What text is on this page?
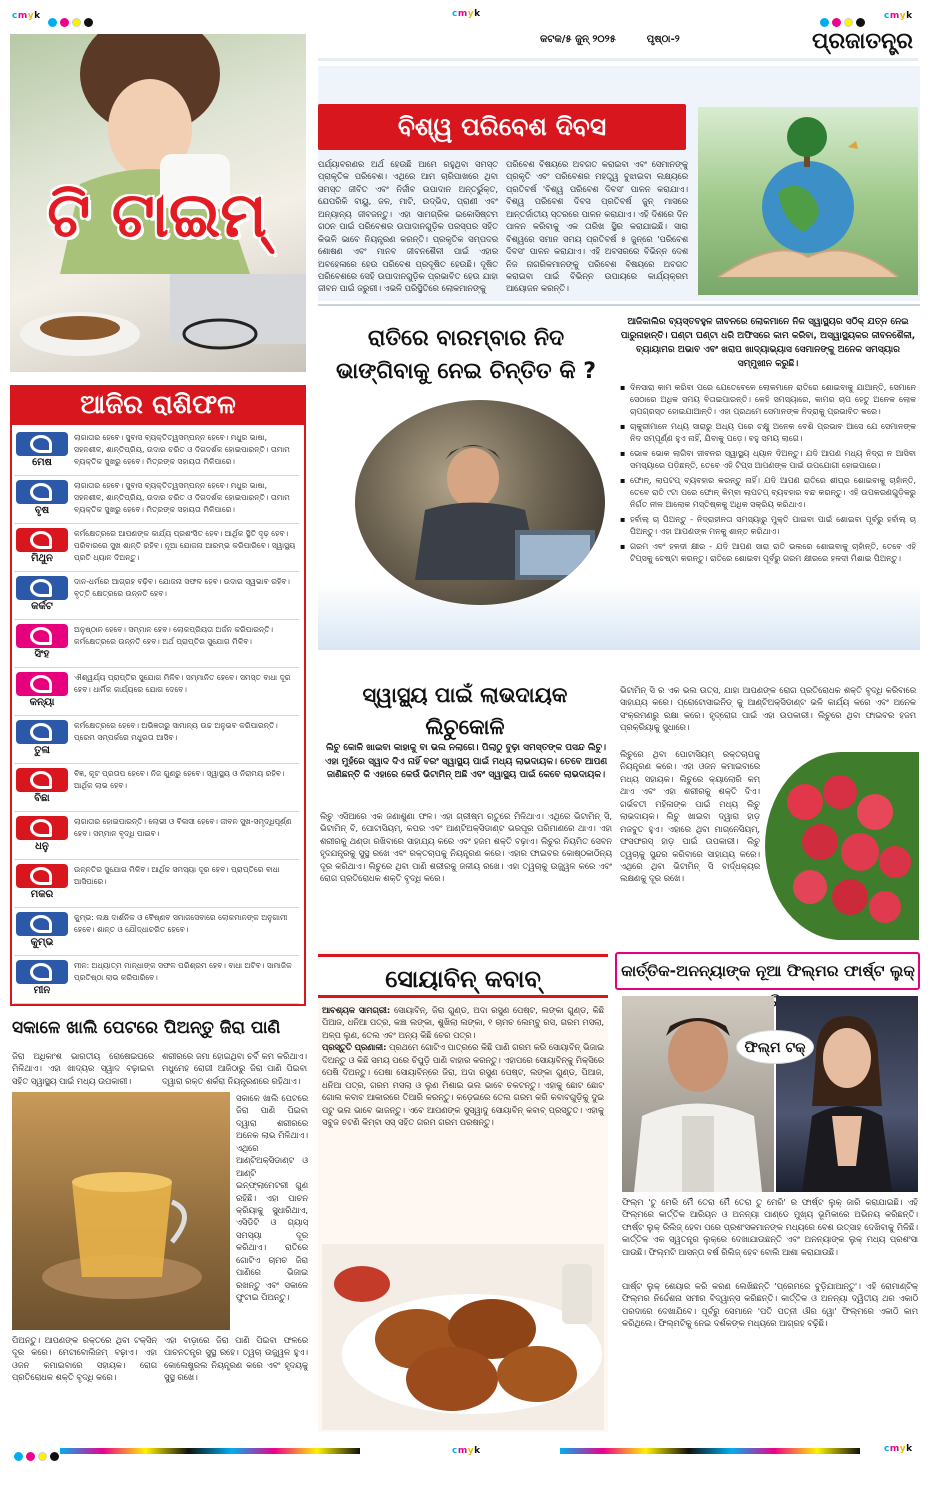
cmyk	cmyk	cmyk
କଟକ/୫ ଜୁନ୍ ୨୦୨୫	ପୃଷ୍ଠା-୨	ପ୍ରଜାତନ୍ତ୍ର
ଟି ଟାଇମ୍
ଆଜିର ରାଶିଫଳ
ମେଷ
ଲାଗାତାର ହେବେ। ସୁବାସ ବ୍ୟକ୍ତିତ୍ୱସମ୍ପନ୍ନ ହେବେ। ମଧୁର ଭାଷା, ସହନଶୀଳ, ଶାନ୍ତିପ୍ରିୟ, ଉଦାର ଚରିତ ଓ ଦିଗଦର୍ଶକ ହୋଇପାରନ୍ତି। ତାମାମ ବ୍ୟକ୍ତିକ ସୁଖରୁ ହେବେ। ମିତ୍ରଙ୍କ ସହାୟତା ମିଳିପାରେ।
ବୃଷ
ଲାଗାତାର ହେବେ। ସୁବାସ ବ୍ୟକ୍ତିତ୍ୱସମ୍ପନ୍ନ ହେବେ। ମଧୁର ଭାଷା, ସହନଶୀଳ, ଶାନ୍ତିପ୍ରିୟ, ଉଦାର ଚରିତ ଓ ଦିଗଦର୍ଶକ ହୋଇପାରନ୍ତି। ତାମାମ ବ୍ୟକ୍ତିକ ସୁଖରୁ ହେବେ। ମିତ୍ରଙ୍କ ସହାୟତା ମିଳିପାରେ।
ମିଥୁନ
କର୍ମକ୍ଷେତ୍ରରେ ଆପଣଙ୍କ କାର୍ଯ୍ୟ ପ୍ରଶଂସିତ ହେବ। ଆର୍ଥିକ ସ୍ଥିତି ଦୃଢ଼ ହେବ। ପରିବାରରେ ସୁଖ ଶାନ୍ତି ରହିବ। ନୂଆ ଯୋଜନା ଆରମ୍ଭ କରିପାରିବେ। ସ୍ୱାସ୍ଥ୍ୟ ପ୍ରତି ଧ୍ୟାନ ଦିଅନ୍ତୁ।
କର୍କଟ
ଦାନ-ଧର୍ମରେ ଆଗ୍ରହ ବଢ଼ିବ। ଯୋଜନା ସଫଳ ହେବ। ଉଦାର ସ୍ୱଭାବ ରହିବ। ବୃତ୍ତି କ୍ଷେତ୍ରରେ ଉନ୍ନତି ହେବ।
ସିଂହ
ଅନୁଷ୍ଠାନ ହେବେ। ସମ୍ମାନ ହେବ। ଲୋକପ୍ରିୟତା ଅର୍ଜନ କରିପାରନ୍ତି। କର୍ମକ୍ଷେତ୍ରରେ ଉନ୍ନତି ହେବ। ଅର୍ଥ ପ୍ରାପ୍ତିର ସୁଯୋଗ ମିଳିବ।
କନ୍ୟା
ଐଶ୍ୱର୍ଯ୍ୟ ପ୍ରାପ୍ତିର ସୁଯୋଗ ମିଳିବ। ସମ୍ମାନିତ ହେବେ। ସମସ୍ତ ବାଧା ଦୂର ହେବ। ଧାର୍ମିକ କାର୍ଯ୍ୟରେ ଯୋଗ ଦେବେ।
ତୁଳା
କର୍ମକ୍ଷେତ୍ରରେ ହେବେ। ଅଭିଜ୍ଞତାରୁ ସାମାନ୍ୟ ଉଚ୍ଚ ଅନୁଭବ କରିପାରନ୍ତି। ପ୍ରେମ ସମ୍ପର୍କରେ ମଧୁରତା ଆସିବ।
ବିଛା
ବିଜ୍ଞ, କୂଟ ପ୍ରତାପ ହେବେ। ନିଜ ଗୁଣରୁ ହେବେ। ସ୍ୱାସ୍ଥ୍ୟ ଓ ନିରାମୟ ରହିବ। ଆର୍ଥିକ ଲାଭ ହେବ।
ଧନୁ
ଲାଗାତାର ହୋଇପାରନ୍ତି। ଲୋଭୀ ଓ ବିଳାସୀ ହେବେ। ଜୀବନ ସୁଖ-ସମୃଦ୍ଧିପୂର୍ଣ୍ଣ ହେବ। ସମ୍ମାନ ବୃଦ୍ଧି ପାଇବ।
ମକର
ଉନ୍ନତିର ସୁଯୋଗ ମିଳିବ। ଆର୍ଥିକ ସମସ୍ୟା ଦୂର ହେବ। ପ୍ରାପ୍ତିରେ ବାଧା ଆସିପାରେ।
କୁମ୍ଭ
କୁମ୍ଭ: ଲକ୍ଷ ଦାର୍ଶନିକ ଓ ବୈଷ୍ଣବ ସମାଜସେବାରେ ଲୋକମାନଙ୍କ ଅନୁଗାମୀ ହେବେ। ଶାନ୍ତ ଓ ଯୌଦ୍ଧାଚରିତ ହେବେ।
ମୀନ
ମୀନ: ଅଧ୍ୟାତ୍ମ ମାନ୍ଧାଙ୍କ ସଫଳ ପରିଶ୍ରମ ହେବ। ବାଧା ଅଟିବ। ସାମାଜିକ ପ୍ରତିଷ୍ଠା ଲାଭ କରିପାରିବେ।
ବିଶ୍ୱ ପରିବେଶ ଦିବସ
ପର୍ଯ୍ୟାବରଣର ଅର୍ଥ ହେଉଛି ଆମେ ରହୁଥିବା ସମସ୍ତ ପ୍ରାକୃତିକ ପରିବେଶ। ଏଥିରେ ଆମ ଚାରିପାଖରେ ଥିବା ସମସ୍ତ ଜୀବିତ ଏବଂ ନିର୍ଜୀବ ଉପାଦାନ ଅନ୍ତର୍ଭୁକ୍ତ, ଯେପରିକି ବାୟୁ, ଜଳ, ମାଟି, ଉଦ୍ଭିଦ, ପ୍ରାଣୀ ଏବଂ ଅନ୍ୟାନ୍ୟ ଜୀବଜନ୍ତୁ। ଏହା ସାମଗ୍ରିକ ଇକୋସିଷ୍ଟମ ଗଠନ ପାଇଁ ପରିବେଶର ଉପାଦାନଗୁଡ଼ିକ ପରସ୍ପର ସହିତ କିଭଳି ଭାବେ ନିୟନ୍ତ୍ରଣ କରନ୍ତି। ପ୍ରକୃତିକ ସମ୍ପଦର ଶୋଷଣ ଏବଂ ମାନବ ଜୀବନଶୈଳୀ ପାଇଁ ଏହାର ଅବହେଳାରେ ହେଉ ପରିବେଶ ପ୍ରଦୂଷିତ ହେଉଛି। ଦୂଷିତ ପରିବେଶରେ ସେହି ଉପାଦାନଗୁଡ଼ିକ ପ୍ରଭାବିତ ହେଉ ଯାହା ଜୀବନ ପାଇଁ ଜରୁରୀ। ଏଭଳି ପରିସ୍ଥିତିରେ ଲୋକମାନଙ୍କୁ
ପରିବେଶ ବିଷୟରେ ଅବଗତ କରାଇବା ଏବଂ ସେମାନଙ୍କୁ ପ୍ରକୃତି ଏବଂ ପରିବେଶର ମହତ୍ତ୍ୱ ବୁଝାଇବା ଲକ୍ଷ୍ୟରେ ପ୍ରତିବର୍ଷ 'ବିଶ୍ୱ ପରିବେଶ ଦିବସ' ପାଳନ କରାଯାଏ। ବିଶ୍ୱ ପରିବେଶ ଦିବସ ପ୍ରତିବର୍ଷ ଜୁନ୍ ମାସରେ ଆନ୍ତର୍ଜାତୀୟ ସ୍ତରରେ ପାଳନ କରାଯାଏ। ଏହି ଦିଶରେ ଦିନ ପାଳନ କରିବାକୁ ଏକ ତାରିଖ ସ୍ଥିର କରାଯାଇଛି। ସାରା ବିଶ୍ୱରେ ସମାନ ସମୟ ପ୍ରତିବର୍ଷ ୫ ଜୁନ୍‌ରେ 'ପରିବେଶ ଦିବସ' ପାଳନ କରାଯାଏ। ଏହି ଅବସରରେ ବିଭିନ୍ନ ଦେଶ ନିଜ ନାଗରିକମାନଙ୍କୁ ପରିବେଶ ବିଷୟରେ ଅବଗତ କରାଇବା ପାଇଁ ବିଭିନ୍ନ ଉପାୟରେ କାର୍ଯ୍ୟକ୍ରମ ଆୟୋଜନ କରନ୍ତି।
ରାତିରେ ବାରମ୍ବାର ନିଦ
ଭାଙ୍ଗିବାକୁ ନେଇ ଚିନ୍ତିତ କି ?
ଆଜିକାଲିର ବ୍ୟସ୍ତବହୁଳ ଜୀବନରେ ଲୋକମାନେ ନିଜ ସ୍ୱାସ୍ଥ୍ୟର ସଠିକ୍ ଯତ୍ନ ନେଇ ପାରୁନାହାନ୍ତି। ଘଣ୍ଟା ଘଣ୍ଟା ଧରି ଅଫିସରେ କାମ କରିବା, ଅସ୍ୱାସ୍ଥ୍ୟକର ଜୀବନଶୈଳୀ, ବ୍ୟାୟାମର ଅଭାବ ଏବଂ ଖରାପ ଖାଦ୍ୟାଭ୍ୟାସ ସେମାନଙ୍କୁ ଅନେକ ସମସ୍ୟାର ସମ୍ମୁଖୀନ କରୁଛି।
▪ ଦିନସାରା କାମ କରିବା ପରେ ଯେତେବେଳେ ଲୋକମାନେ ରାତିରେ ଶୋଇବାକୁ ଯାଆନ୍ତି, ସେମାନେ ସେଠାରେ ଅଧିକ ସମୟ ବିତାଇପାରନ୍ତି। କେହି ସମସ୍ୟାରେ, କାମର ଚାପ ହେତୁ ଅନେକ ଲୋକ ଚାପଗ୍ରସ୍ତ ହୋଇଯାଆନ୍ତି। ଏହା ପ୍ରଥମେ ସେମାନଙ୍କ ନିଦ୍ରାକୁ ପ୍ରଭାବିତ କରେ।
▪ ଚାକୁରୀମାନେ ମଧ୍ୟ ସାରାରୁ ଅଧ୍ୟ ପରେ ଚକ୍ଷୁ ଅନେକ ବେଶି ପ୍ରଭାବ ଆସେ ଯେ ସେମାନଙ୍କ ନିଦ ସମ୍ପୂର୍ଣ୍ଣ ହୁଏ ନାହିଁ, ଯିବାକୁ ପଡ଼େ। ବହୁ ସମୟ ଲାଗେ।
▪ ଭୋକ ଭୋକ ଲାଗିବା ଜୀବନର ସ୍ୱାସ୍ଥ୍ୟ ଧ୍ୟାନ ଦିଅନ୍ତୁ। ଯଦି ଆପଣ ମଧ୍ୟ ନିଦ୍ରା ନ ଆସିବା ସମସ୍ୟାରେ ପଡ଼ିଛନ୍ତି, ତେବେ ଏହି ଟିପ୍ସ ଆପଣଙ୍କ ପାଇଁ ଉପଯୋଗୀ ହୋଇପାରେ।
▪ ଫୋନ୍, ଲାପଟପ୍ ବ୍ୟବହାର କରନ୍ତୁ ନାହିଁ। ଯଦି ଆପଣ ରାତିରେ ଶୀଘ୍ର ଶୋଇବାକୁ ଚାହାଁନ୍ତି, ତେବେ ରାତି ୯ଟା ପରେ ଫୋନ୍ କିମ୍ବା ଲାପଟପ୍ ବ୍ୟବହାର ବନ୍ଦ କରନ୍ତୁ। ଏହି ଉପକରଣଗୁଡ଼ିକରୁ ନିର୍ଗତ ନୀଳ ଆଲୋକ ମସ୍ତିଷ୍କକୁ ଅଧିକ ସକ୍ରିୟ କରିଥାଏ।
▪ ହର୍ବାଲ୍ ଚା ପିଅନ୍ତୁ - ନିଦ୍ରାହୀନତା ସମସ୍ୟାରୁ ମୁକ୍ତି ପାଇବା ପାଇଁ ଶୋଇବା ପୂର୍ବରୁ ହର୍ବାଲ୍ ଚା ପିଅନ୍ତୁ। ଏହା ଆପଣଙ୍କ ମନକୁ ଶାନ୍ତ କରିଥାଏ।
▪ ଗରମ ଏବଂ ହଳଦୀ କ୍ଷୀର - ଯଦି ଆପଣ ସାରା ରାତି ଭଲରେ ଶୋଇବାକୁ ଚାହାଁନ୍ତି, ତେବେ ଏହି ଟିପ୍ସକୁ ଚେଷ୍ଟା କରନ୍ତୁ। ରାତିରେ ଶୋଇବା ପୂର୍ବରୁ ଗରମ କ୍ଷୀରରେ ହଳଦୀ ମିଶାଇ ପିଅନ୍ତୁ।
ସ୍ୱାସ୍ଥ୍ୟ ପାଇଁ ଲାଭଦାୟକ
ଲିଚୁକୋଳି
ଲିଚୁ କୋଳି ଖାଇବା କାହାକୁ ବା ଭଲ ନଲାଗେ। ପିଲାଠୁ ବୁଢ଼ା ସମସ୍ତଙ୍କ ପସନ୍ଦ ଲିଚୁ। ଏହା ମୁହଁରେ ସ୍ୱାଦ ଦିଏ ନାହିଁ ବରଂ ସ୍ୱାସ୍ଥ୍ୟ ପାଇଁ ମଧ୍ୟ ଲାଭଦାୟକ। ତେବେ ଆପଣ ଜାଣିଛନ୍ତି କି ଏହାରେ କେଉଁ ଭିଟାମିନ୍ ଅଛି ଏବଂ ସ୍ୱାସ୍ଥ୍ୟ ପାଇଁ କେବେ ଲାଭଦାୟକ।
ଲିଚୁ ଏସିଆରେ ଏକ ଜଣାଶୁଣା ଫଳ। ଏହା ଗ୍ରୀଷ୍ମ ଋତୁରେ ମିଳିଥାଏ। ଏଥିରେ ଭିଟାମିନ୍ ସି, ଭିଟାମିନ୍ ବି, ପୋଟାସିୟମ୍, କପର ଏବଂ ଆଣ୍ଟିଅକ୍ସିଡାଣ୍ଟ ଭରପୂର ପରିମାଣରେ ଥାଏ। ଏହା ଶରୀରକୁ ଥଣ୍ଡା ରଖିବାରେ ସାହାଯ୍ୟ କରେ ଏବଂ ହଜମ ଶକ୍ତି ବଢ଼ାଏ। ଲିଚୁର ନିୟମିତ ସେବନ ହୃଦଯନ୍ତ୍ରକୁ ସୁସ୍ଥ ରଖେ ଏବଂ ରକ୍ତଚାପକୁ ନିୟନ୍ତ୍ରଣ କରେ। ଏହାର ଫାଇବର କୋଷ୍ଠକାଠିନ୍ୟ ଦୂର କରିଥାଏ। ଲିଚୁରେ ଥିବା ପାଣି ଶରୀରକୁ ଜଳୀୟ ରଖେ। ଏହା ତ୍ୱଚାକୁ ଉଜ୍ଜ୍ୱଳ କରେ ଏବଂ ରୋଗ ପ୍ରତିରୋଧକ ଶକ୍ତି ବୃଦ୍ଧି କରେ।
ଭିଟାମିନ୍ ସି ର ଏକ ଭଲ ଉତ୍ସ, ଯାହା ଆପଣଙ୍କ ରୋଗ ପ୍ରତିରୋଧକ ଶକ୍ତି ବୃଦ୍ଧି କରିବାରେ ସାହାଯ୍ୟ କରେ। ପ୍ରୋଟୋସାଇନିଡ୍ କୁ ଆଣ୍ଟିଅକ୍ସିଡାଣ୍ଟ ଭଳି କାର୍ଯ୍ୟ କରେ ଏବଂ ଅନେକ ସଂକ୍ରମଣରୁ ରକ୍ଷା କରେ। ହୃଦ୍‌ରୋଗ ପାଇଁ ଏହା ଉପକାରୀ। ଲିଚୁରେ ଥିବା ଫାଇବର ହଜମ ପ୍ରକ୍ରିୟାକୁ ସୁଧାରେ।
ଲିଚୁରେ ଥିବା ପୋଟାସିୟମ୍ ରକ୍ତଚାପକୁ ନିୟନ୍ତ୍ରଣ କରେ। ଏହା ଓଜନ କମାଇବାରେ ମଧ୍ୟ ସହାୟକ। ଲିଚୁରେ କ୍ୟାଲୋରି କମ୍ ଥାଏ ଏବଂ ଏହା ଶରୀରକୁ ଶକ୍ତି ଦିଏ। ଗର୍ଭବତୀ ମହିଳାଙ୍କ ପାଇଁ ମଧ୍ୟ ଲିଚୁ ଲାଭଦାୟକ। ଲିଚୁ ଖାଇବା ଦ୍ୱାରା ହାଡ଼ ମଜବୁତ ହୁଏ। ଏହାରେ ଥିବା ମାଗ୍ନେସିୟମ୍, ଫସଫରସ୍ ହାଡ଼ ପାଇଁ ଉପକାରୀ। ଲିଚୁ ତ୍ୱଚାକୁ ସୁନ୍ଦର କରିବାରେ ସାହାଯ୍ୟ କରେ। ଏଥିରେ ଥିବା ଭିଟାମିନ୍ ସି ବାର୍ଦ୍ଧକ୍ୟର ଲକ୍ଷଣକୁ ଦୂର ରଖେ।
ସକାଳେ ଖାଲି ପେଟରେ ପିଅନ୍ତୁ ଜିରା ପାଣି
ଜିରା ଅଧିକାଂଶ ଭାରତୀୟ ରୋଷେଇଘରେ ମିଳିଥାଏ। ଏହା ଖାଦ୍ୟର ସ୍ୱାଦ ବଢ଼ାଇବା ସହିତ ସ୍ୱାସ୍ଥ୍ୟ ପାଇଁ ମଧ୍ୟ ଉପକାରୀ।
ଶରୀରରେ ଜମା ହୋଇଥିବା ଚର୍ବି କମ କରିଥାଏ। ମଧୁମେହ ରୋଗୀ ଆଜିଠାରୁ ଜିରା ପାଣି ପିଇବା ଦ୍ୱାରା ରକ୍ତ ଶର୍କରା ନିୟନ୍ତ୍ରଣରେ ରହିଥାଏ।
ସକାଳେ ଖାଲି ପେଟରେ ଜିରା ପାଣି ପିଇବା ଦ୍ୱାରା ଶରୀରରେ ଅନେକ ଲାଭ ମିଳିଥାଏ। ଏଥିରେ ଆଣ୍ଟିଅକ୍ସିଡାଣ୍ଟ ଓ ଆଣ୍ଟି ଇନ୍‌ଫ୍ଲାମେଟରୀ ଗୁଣ ରହିଛି। ଏହା ପାଚନ କ୍ରିୟାକୁ ସୁଧାରିଥାଏ, ଏସିଡିଟି ଓ ଗ୍ୟାସ୍ ସମସ୍ୟା ଦୂର କରିଥାଏ। ରାତିରେ ଗୋଟିଏ ଚାମଚ ଜିରା ପାଣିରେ ଭିଜାଇ ରଖନ୍ତୁ ଏବଂ ସକାଳେ ଫୁଟାଇ ପିଅନ୍ତୁ।
ପିଅନ୍ତୁ। ଆପଣଙ୍କ ରକ୍ତରେ ଥିବା ଟକ୍ସିନ୍ ଦୂର କରେ। ମେଟାବୋଲିଜମ୍ ବଢ଼ାଏ। ଏହା ଓଜନ କମାଇବାରେ ସହାୟକ। ରୋଗ ପ୍ରତିରୋଧକ ଶକ୍ତି ବୃଦ୍ଧି କରେ।
ଏହା ବାଡ଼ାରେ ଜିରା ପାଣି ପିଇବା ଫଳରେ ପାଚନତନ୍ତ୍ର ସୁସ୍ଥ ରହେ। ତ୍ୱଚା ଉଜ୍ଜ୍ୱଳ ହୁଏ। କୋଲେଷ୍ଟ୍ରଲ ନିୟନ୍ତ୍ରଣ କରେ ଏବଂ ହୃଦୟକୁ ସୁସ୍ଥ ରଖେ।
ସୋୟାବିନ୍ କବାବ୍
ଆବଶ୍ୟକ ସାମଗ୍ରୀ: ସୋୟାବିନ୍, ଜିରା ଗୁଣ୍ଡ, ଅଦା ରସୁଣ ପେଷ୍ଟ, ଲଙ୍କା ଗୁଣ୍ଡ, କିଛି ପିଆଜ, ଧନିଆ ପତ୍ର, କଞ୍ଚା ଲଙ୍କା, ଶୁଖିଲା ଲଙ୍କା, ୧ ଚାମଚ ଲେମ୍ବୁ ରସ, ଗରମ ମସଲା, ଅଳ୍ପ ଲୁଣ, ତେଲ ଏବଂ ଅନ୍ୟ କିଛି ଚେର ପତ୍ର।
ପ୍ରସ୍ତୁତି ପ୍ରଣାଳୀ: ପ୍ରଥମେ ଗୋଟିଏ ପାତ୍ରରେ କିଛି ପାଣି ଗରମ କରି ସୋୟାବିନ୍ ଭିଜାଇ ଦିଅନ୍ତୁ ଓ କିଛି ସମୟ ପରେ ଚିପୁଡ଼ି ପାଣି ବାହାର କରନ୍ତୁ। ଏହାପରେ ସୋୟାବିନ୍‌କୁ ମିକ୍ସିରେ ପେଷି ଦିଅନ୍ତୁ। ପେଷା ସୋୟାବିନ୍‌ରେ ଜିରା, ଅଦା ରସୁଣ ପେଷ୍ଟ, ଲଙ୍କା ଗୁଣ୍ଡ, ପିଆଜ, ଧନିଆ ପତ୍ର, ଗରମ ମସଲା ଓ ଲୁଣ ମିଶାଇ ଭଲ ଭାବେ ଚକଟନ୍ତୁ। ଏହାକୁ ଛୋଟ ଛୋଟ ଗୋଲ କବାବ ଆକାରରେ ତିଆରି କରନ୍ତୁ। କଡ଼େଇରେ ତେଲ ଗରମ କରି କବାବଗୁଡ଼ିକୁ ଦୁଇ ପଟୁ ଭଲ ଭାବେ ଭାଜନ୍ତୁ। ଏବେ ଆପଣଙ୍କ ସୁସ୍ୱାଦୁ ସୋୟାବିନ୍ କବାବ୍ ପ୍ରସ୍ତୁତ। ଏହାକୁ ସବୁଜ ଚଟଣି କିମ୍ବା ସସ୍ ସହିତ ଗରମ ଗରମ ପରଷନ୍ତୁ।
କାର୍ତ୍ତିକ-ଅନନ୍ୟାଙ୍କ ନୂଆ ଫିଲ୍ମର ଫାର୍ଷ୍ଟ ଲୁକ୍
ଫିଲ୍ମ ଟକ୍
ଫିଲ୍ମ 'ତୁ ମେରି ମୈଁ ତେରା ମୈଁ ତେରା ତୁ ମେରି' ର ଫାର୍ଷ୍ଟ ଲୁକ୍ ଜାରି କରାଯାଇଛି। ଏହି ଫିଲ୍ମରେ କାର୍ତ୍ତିକ ଆରିୟନ ଓ ଅନନ୍ୟା ପାଣ୍ଡେ ମୁଖ୍ୟ ଭୂମିକାରେ ଅଭିନୟ କରିଛନ୍ତି। ଫାର୍ଷ୍ଟ ଲୁକ୍ ରିଲିଜ୍ ହେବା ପରେ ପ୍ରଶଂସକମାନଙ୍କ ମଧ୍ୟରେ ବେଶ ଉତ୍ସାହ ଦେଖିବାକୁ ମିଳିଛି। କାର୍ତ୍ତିକ ଏକ ସ୍ୱତନ୍ତ୍ର ଲୁକ୍‌ରେ ଦେଖାଯାଉଛନ୍ତି ଏବଂ ଅନନ୍ୟାଙ୍କ ଲୁକ୍ ମଧ୍ୟ ପ୍ରଶଂସା ପାଉଛି। ଫିଲ୍ମଟି ଆସନ୍ତା ବର୍ଷ ରିଲିଜ୍ ହେବ ବୋଲି ଆଶା କରାଯାଉଛି।
ପାର୍ଷ୍ଟ ଲୁକ୍ ଶେୟାର କରି କରଣ ଲେଖିଛନ୍ତି 'ପ୍ରେମରେ ବୁଡ଼ିଯାଆନ୍ତୁ'। ଏହି ରୋମାଣ୍ଟିକ୍ ଫିଲ୍ମର ନିର୍ଦ୍ଦେଶନା ସମୀର ବିଦ୍ୱାନ୍ସ କରିଛନ୍ତି। କାର୍ତ୍ତିକ ଓ ଅନନ୍ୟା ଦ୍ୱିତୀୟ ଥର ଏକାଠି ପରଦାରେ ଦେଖାଯିବେ। ପୂର୍ବରୁ ସେମାନେ 'ପତି ପତ୍ନୀ ଔର ୱୋ' ଫିଲ୍ମରେ ଏକାଠି କାମ କରିଥିଲେ। ଫିଲ୍ମଟିକୁ ନେଇ ଦର୍ଶକଙ୍କ ମଧ୍ୟରେ ଆଗ୍ରହ ବଢ଼ିଛି।
cmyk	cmyk
